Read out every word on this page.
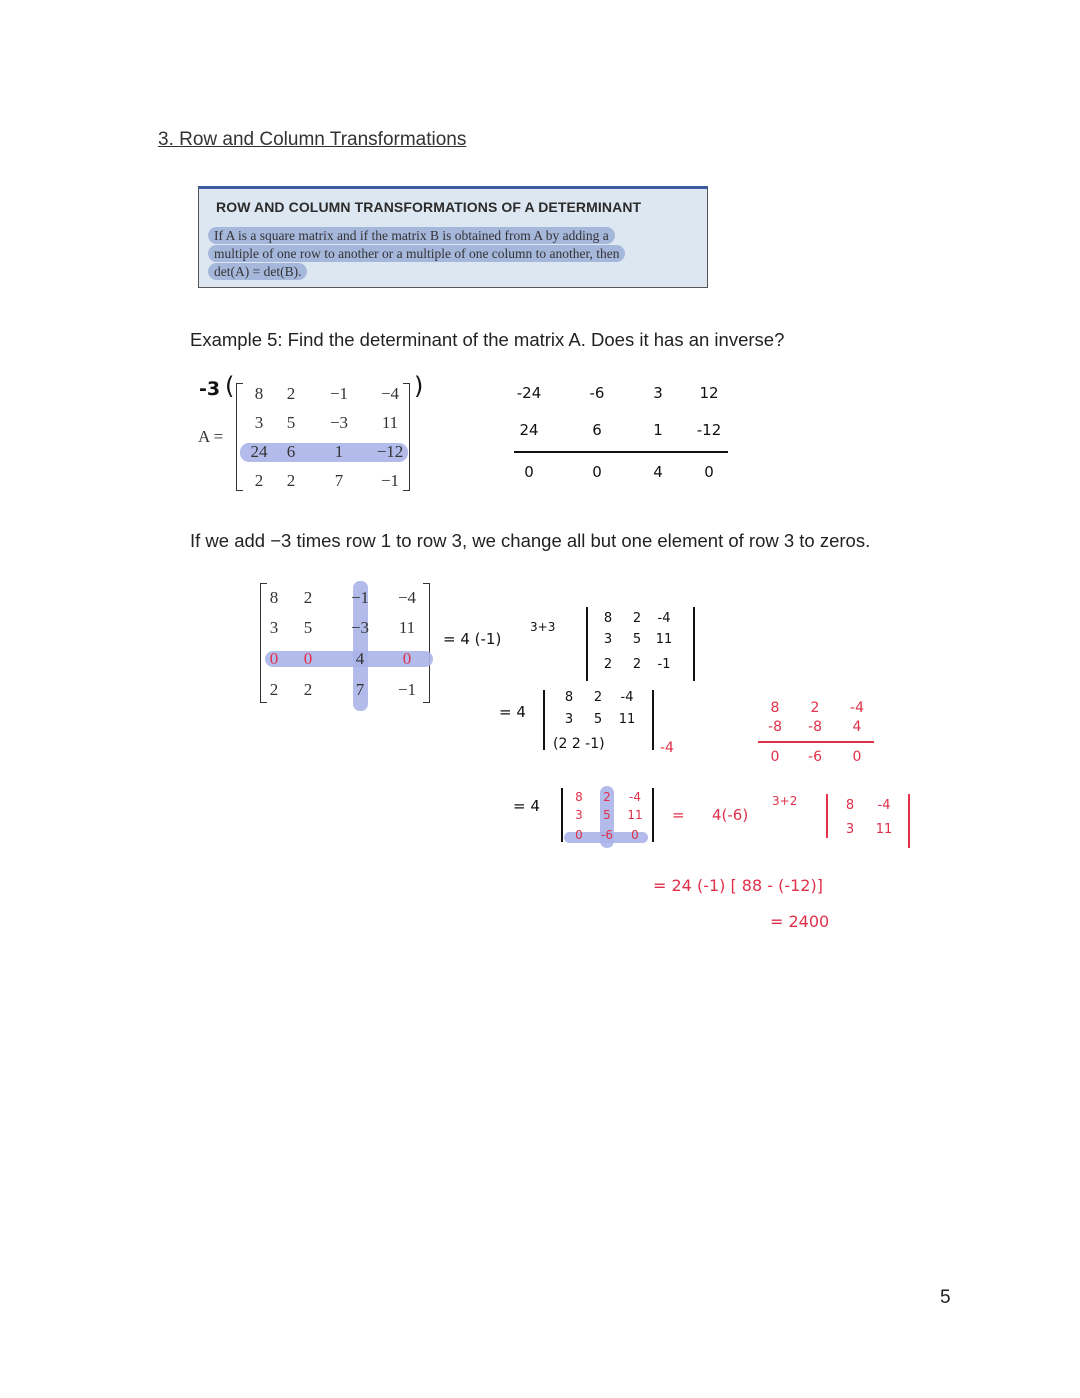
3. Row and Column Transformations
ROW AND COLUMN TRANSFORMATIONS OF A DETERMINANT
If A is a square matrix and if the matrix B is obtained from A by adding a
multiple of one row to another or a multiple of one column to another, then
det(A) = det(B).
Example 5: Find the determinant of the matrix A. Does it has an inverse?
-3 (	)
A =
8	2	−1	−4
3	5	−3	11
24	6	1	−12
2	2	7	−1
-24	-6	3	12
24	6	1	-12
0	0	4	0
If we add −3 times row 1 to row 3, we change all but one element of row 3 to zeros.
8	2	−1	−4
3	5	−3	11
0	0	4	0
2	2	7	−1
= 4 (-1)
3+3
8	2	-4
3	5	11
2	2	-1
= 4
8	2	-4
3	5	11
(2 2 -1)	-4
8	2	-4
-8	-8	4
0	-6	0
= 4	8	2	-4
3	5	11
0	-6	0
= 4(-6)
3+2	8	-4
3	11
= 24 (-1) [ 88 - (-12)]
= 2400
5
